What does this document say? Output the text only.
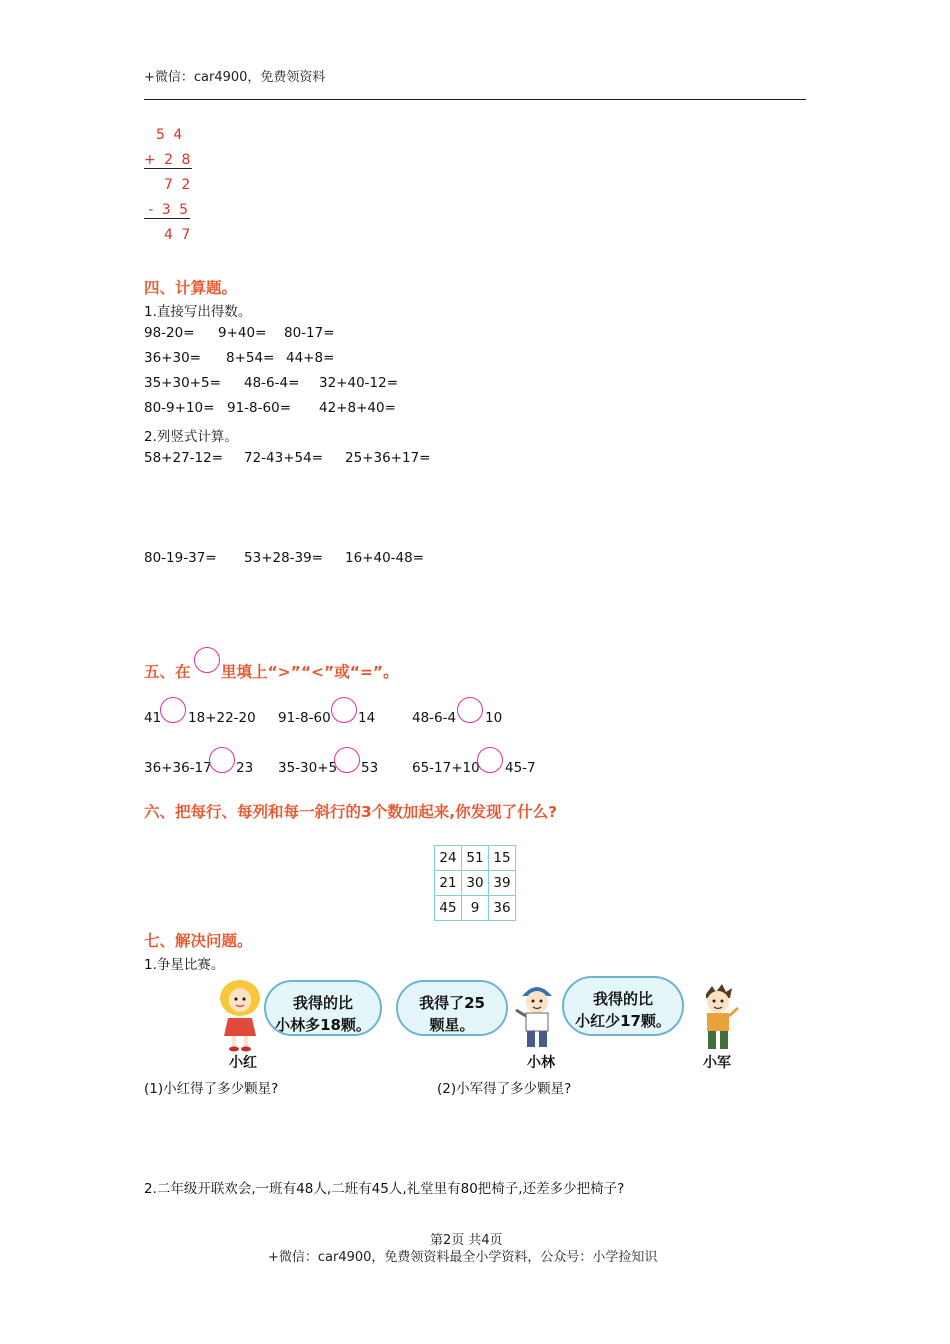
+微信：car4900，免费领资料
5 4
+ 2 8
7 2
- 3 5
4 7
四、计算题。
1.直接写出得数。
98-20= 9+40= 80-17=
36+30= 8+54= 44+8=
35+30+5= 48-6-4= 32+40-12=
80-9+10= 91-8-60= 42+8+40=
2.列竖式计算。
58+27-12= 72-43+54= 25+36+17=
80-19-37= 53+28-39= 16+40-48=
五、在 里填上“>”“<”或“=”。
41 18+22-20 91-8-60 14	48-6-4 10
36+36-17 23 35-30+5 53	65-17+10 45-7
六、把每行、每列和每一斜行的3个数加起来,你发现了什么?
24	51	15
21	30	39
45	9	36
七、解决问题。
1.争星比赛。
我得的比
小林多18颗。
我得了25
颗星。
我得的比
小红少17颗。
小红	小林	小军
(1)小红得了多少颗星?	(2)小军得了多少颗星?
2.二年级开联欢会,一班有48人,二班有45人,礼堂里有80把椅子,还差多少把椅子?
第2页 共4页
+微信：car4900，免费领资料最全小学资料，公众号：小学捡知识
